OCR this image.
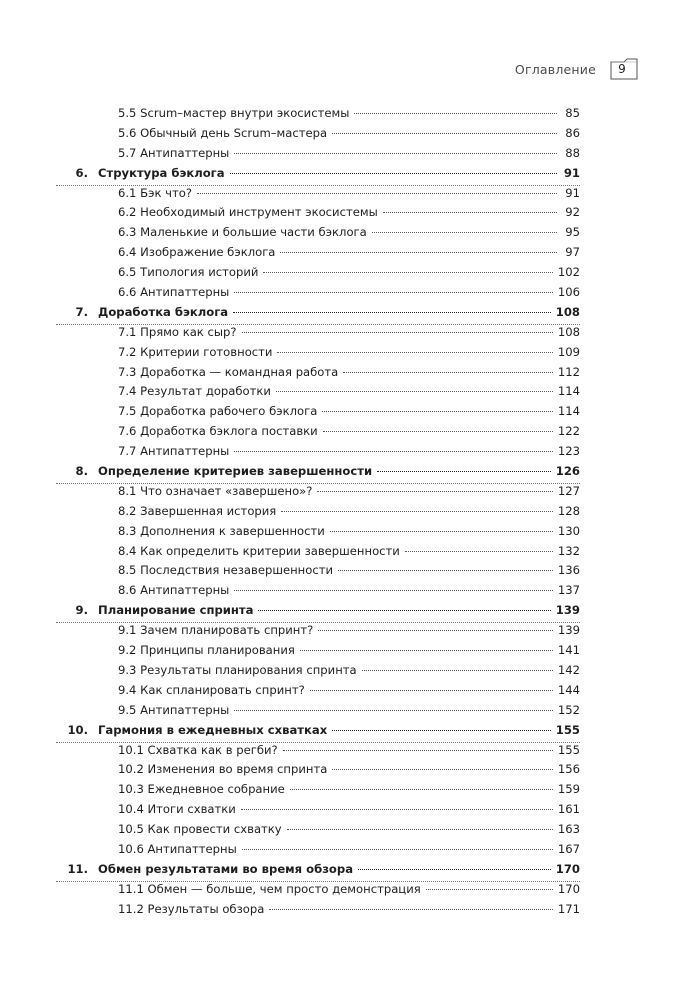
Оглавление	9
5.5 Scrum–мастер внутри экосистемы	85
5.6 Обычный день Scrum–мастера	86
5.7 Антипаттерны	88
6. Структура бэклога	91
6.1 Бэк что?	91
6.2 Необходимый инструмент экосистемы	92
6.3 Маленькие и большие части бэклога	95
6.4 Изображение бэклога	97
6.5 Типология историй	102
6.6 Антипаттерны	106
7. Доработка бэклога	108
7.1 Прямо как сыр?	108
7.2 Критерии готовности	109
7.3 Доработка — командная работа	112
7.4 Результат доработки	114
7.5 Доработка рабочего бэклога	114
7.6 Доработка бэклога поставки	122
7.7 Антипаттерны	123
8. Определение критериев завершенности	126
8.1 Что означает «завершено»?	127
8.2 Завершенная история	128
8.3 Дополнения к завершенности	130
8.4 Как определить критерии завершенности	132
8.5 Последствия незавершенности	136
8.6 Антипаттерны	137
9. Планирование спринта	139
9.1 Зачем планировать спринт?	139
9.2 Принципы планирования	141
9.3 Результаты планирования спринта	142
9.4 Как спланировать спринт?	144
9.5 Антипаттерны	152
10. Гармония в ежедневных схватках	155
10.1 Схватка как в регби?	155
10.2 Изменения во время спринта	156
10.3 Ежедневное собрание	159
10.4 Итоги схватки	161
10.5 Как провести схватку	163
10.6 Антипаттерны	167
11. Обмен результатами во время обзора	170
11.1 Обмен — больше, чем просто демонстрация	170
11.2 Результаты обзора	171
